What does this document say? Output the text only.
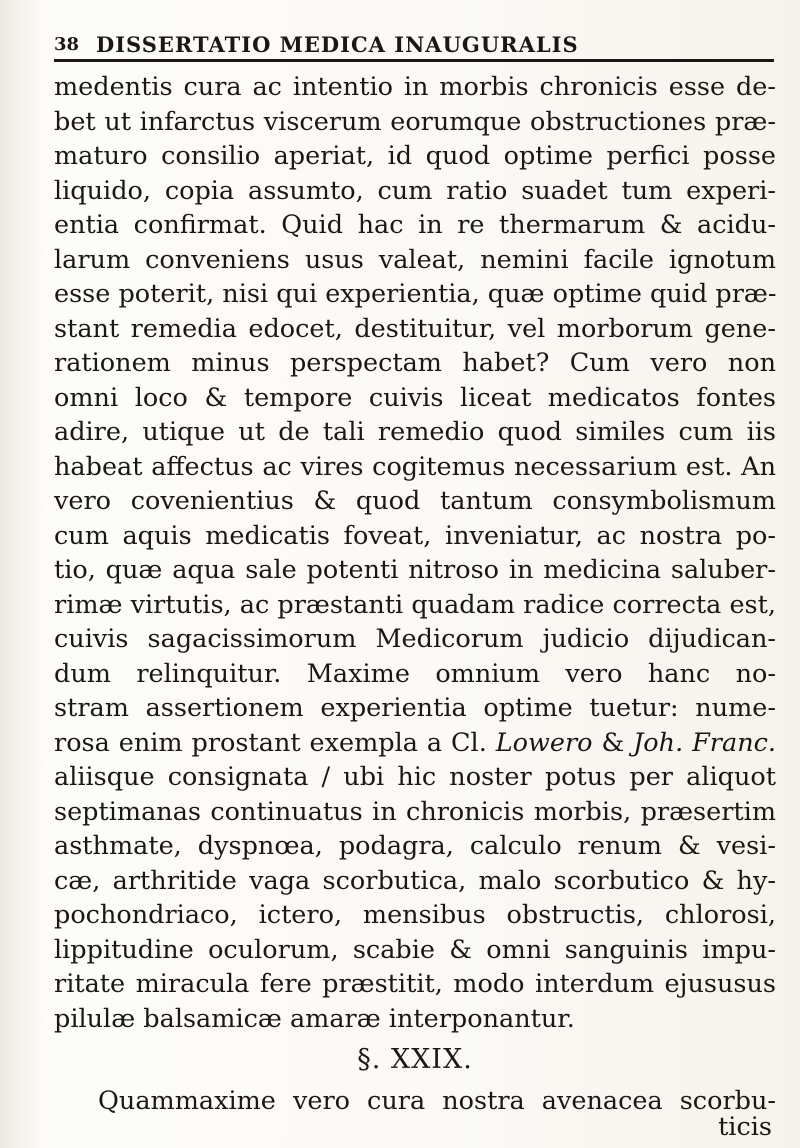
38 DISSERTATIO MEDICA INAUGURALIS
medentis cura ac intentio in morbis chronicis esse de-
bet ut infarctus viscerum eorumque obstructiones præ-
maturo consilio aperiat, id quod optime perfici posse
liquido, copia assumto, cum ratio suadet tum experi-
entia confirmat. Quid hac in re thermarum & acidu-
larum conveniens usus valeat, nemini facile ignotum
esse poterit, nisi qui experientia, quæ optime quid præ-
stant remedia edocet, destituitur, vel morborum gene-
rationem minus perspectam habet? Cum vero non
omni loco & tempore cuivis liceat medicatos fontes
adire, utique ut de tali remedio quod similes cum iis
habeat affectus ac vires cogitemus necessarium est. An
vero covenientius & quod tantum consymbolismum
cum aquis medicatis foveat, inveniatur, ac nostra po-
tio, quæ aqua sale potenti nitroso in medicina saluber-
rimæ virtutis, ac præstanti quadam radice correcta est,
cuivis sagacissimorum Medicorum judicio dijudican-
dum relinquitur. Maxime omnium vero hanc no-
stram assertionem experientia optime tuetur: nume-
rosa enim prostant exempla a Cl. Lowero & Joh. Franc.
aliisque consignata / ubi hic noster potus per aliquot
septimanas continuatus in chronicis morbis, præsertim
asthmate, dyspnœa, podagra, calculo renum & vesi-
cæ, arthritide vaga scorbutica, malo scorbutico & hy-
pochondriaco, ictero, mensibus obstructis, chlorosi,
lippitudine oculorum, scabie & omni sanguinis impu-
ritate miracula fere præstitit, modo interdum ejususus
pilulæ balsamicæ amaræ interponantur.
§. XXIX.
Quammaxime vero cura nostra avenacea scorbu-
ticis
